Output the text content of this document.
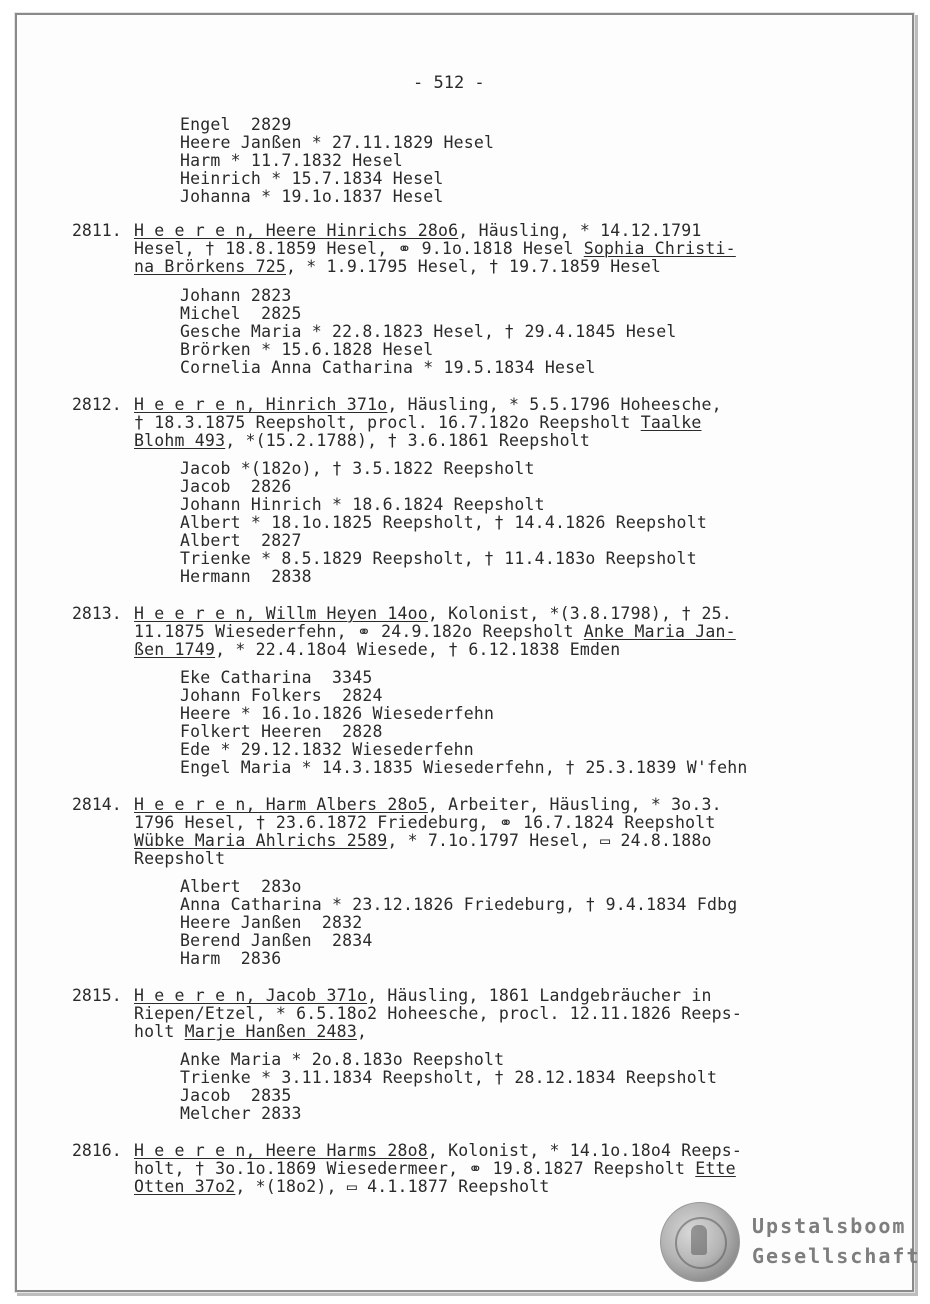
- 512 -
Engel  2829
Heere Janßen * 27.11.1829 Hesel
Harm * 11.7.1832 Hesel
Heinrich * 15.7.1834 Hesel
Johanna * 19.1o.1837 Hesel
2811. H e e r e n, Heere Hinrichs 28o6, Häusling, * 14.12.1791
Hesel, † 18.8.1859 Hesel, ⚭ 9.1o.1818 Hesel Sophia Christi-
na Brörkens 725, * 1.9.1795 Hesel, † 19.7.1859 Hesel
Johann 2823
Michel  2825
Gesche Maria * 22.8.1823 Hesel, † 29.4.1845 Hesel
Brörken * 15.6.1828 Hesel
Cornelia Anna Catharina * 19.5.1834 Hesel
2812. H e e r e n, Hinrich 371o, Häusling, * 5.5.1796 Hoheesche,
† 18.3.1875 Reepsholt, procl. 16.7.182o Reepsholt Taalke
Blohm 493, *(15.2.1788), † 3.6.1861 Reepsholt
Jacob *(182o), † 3.5.1822 Reepsholt
Jacob  2826
Johann Hinrich * 18.6.1824 Reepsholt
Albert * 18.1o.1825 Reepsholt, † 14.4.1826 Reepsholt
Albert  2827
Trienke * 8.5.1829 Reepsholt, † 11.4.183o Reepsholt
Hermann  2838
2813. H e e r e n, Willm Heyen 14oo, Kolonist, *(3.8.1798), † 25.
11.1875 Wiesederfehn, ⚭ 24.9.182o Reepsholt Anke Maria Jan-
ßen 1749, * 22.4.18o4 Wiesede, † 6.12.1838 Emden
Eke Catharina  3345
Johann Folkers  2824
Heere * 16.1o.1826 Wiesederfehn
Folkert Heeren  2828
Ede * 29.12.1832 Wiesederfehn
Engel Maria * 14.3.1835 Wiesederfehn, † 25.3.1839 W'fehn
2814. H e e r e n, Harm Albers 28o5, Arbeiter, Häusling, * 3o.3.
1796 Hesel, † 23.6.1872 Friedeburg, ⚭ 16.7.1824 Reepsholt
Wübke Maria Ahlrichs 2589, * 7.1o.1797 Hesel, ▭ 24.8.188o
Reepsholt
Albert  283o
Anna Catharina * 23.12.1826 Friedeburg, † 9.4.1834 Fdbg
Heere Janßen  2832
Berend Janßen  2834
Harm  2836
2815. H e e r e n, Jacob 371o, Häusling, 1861 Landgebräucher in
Riepen/Etzel, * 6.5.18o2 Hoheesche, procl. 12.11.1826 Reeps-
holt Marje Hanßen 2483,
Anke Maria * 2o.8.183o Reepsholt
Trienke * 3.11.1834 Reepsholt, † 28.12.1834 Reepsholt
Jacob  2835
Melcher 2833
2816. H e e r e n, Heere Harms 28o8, Kolonist, * 14.1o.18o4 Reeps-
holt, † 3o.1o.1869 Wiesedermeer, ⚭ 19.8.1827 Reepsholt Ette
Otten 37o2, *(18o2), ▭ 4.1.1877 Reepsholt
Upstalsboom
Gesellschaft
